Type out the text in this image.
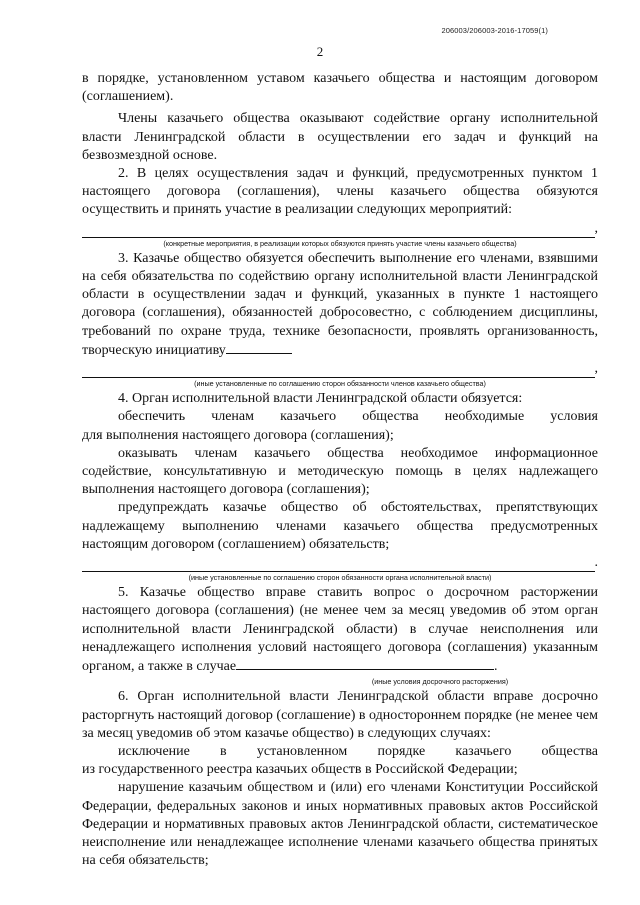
206003/206003-2016-17059(1)
2

в порядке, установленном уставом казачьего общества и настоящим договором

(соглашением).

Члены казачьего общества оказывают содействие органу исполнительной власти Ленинградской области в осуществлении его задач и функций на безвозмездной основе.

2. В целях осуществления задач и функций, предусмотренных пунктом 1 настоящего договора (соглашения), члены казачьего общества обязуются осуществить и принять участие в реализации следующих мероприятий:

,
(конкретные мероприятия, в реализации которых обязуются принять участие члены казачьего общества)

3. Казачье общество обязуется обеспечить выполнение его членами, взявшими на себя обязательства по содействию органу исполнительной власти Ленинградской области в осуществлении задач и функций, указанных в пункте 1 настоящего договора (соглашения), обязанностей добросовестно, с соблюдением дисциплины, требований по охране труда, технике безопасности, проявлять организованность, творческую инициативу

,
(иные установленные по соглашению сторон обязанности членов казачьего общества)

4. Орган исполнительной власти Ленинградской области обязуется:

обеспечить членам казачьего общества необходимые условия

для выполнения настоящего договора (соглашения);

оказывать членам казачьего общества необходимое информационное содействие, консультативную и методическую помощь в целях надлежащего выполнения настоящего договора (соглашения);

предупреждать казачье общество об обстоятельствах, препятствующих надлежащему выполнению членами казачьего общества предусмотренных настоящим договором (соглашением) обязательств;

.
(иные установленные по соглашению сторон обязанности органа исполнительной власти)

5. Казачье общество вправе ставить вопрос о досрочном расторжении настоящего договора (соглашения) (не менее чем за месяц уведомив об этом орган исполнительной власти Ленинградской области) в случае неисполнения или ненадлежащего исполнения условий настоящего договора (соглашения) указанным органом, а также в случае	.

(иные условия досрочного расторжения)

6. Орган исполнительной власти Ленинградской области вправе досрочно расторгнуть настоящий договор (соглашение) в одностороннем порядке (не менее чем за месяц уведомив об этом казачье общество) в следующих случаях:

исключение в установленном порядке казачьего общества

из государственного реестра казачьих обществ в Российской Федерации;

нарушение казачьим обществом и (или) его членами Конституции Российской Федерации, федеральных законов и иных нормативных правовых актов Российской Федерации и нормативных правовых актов Ленинградской области, систематическое неисполнение или ненадлежащее исполнение членами казачьего общества принятых на себя обязательств;
